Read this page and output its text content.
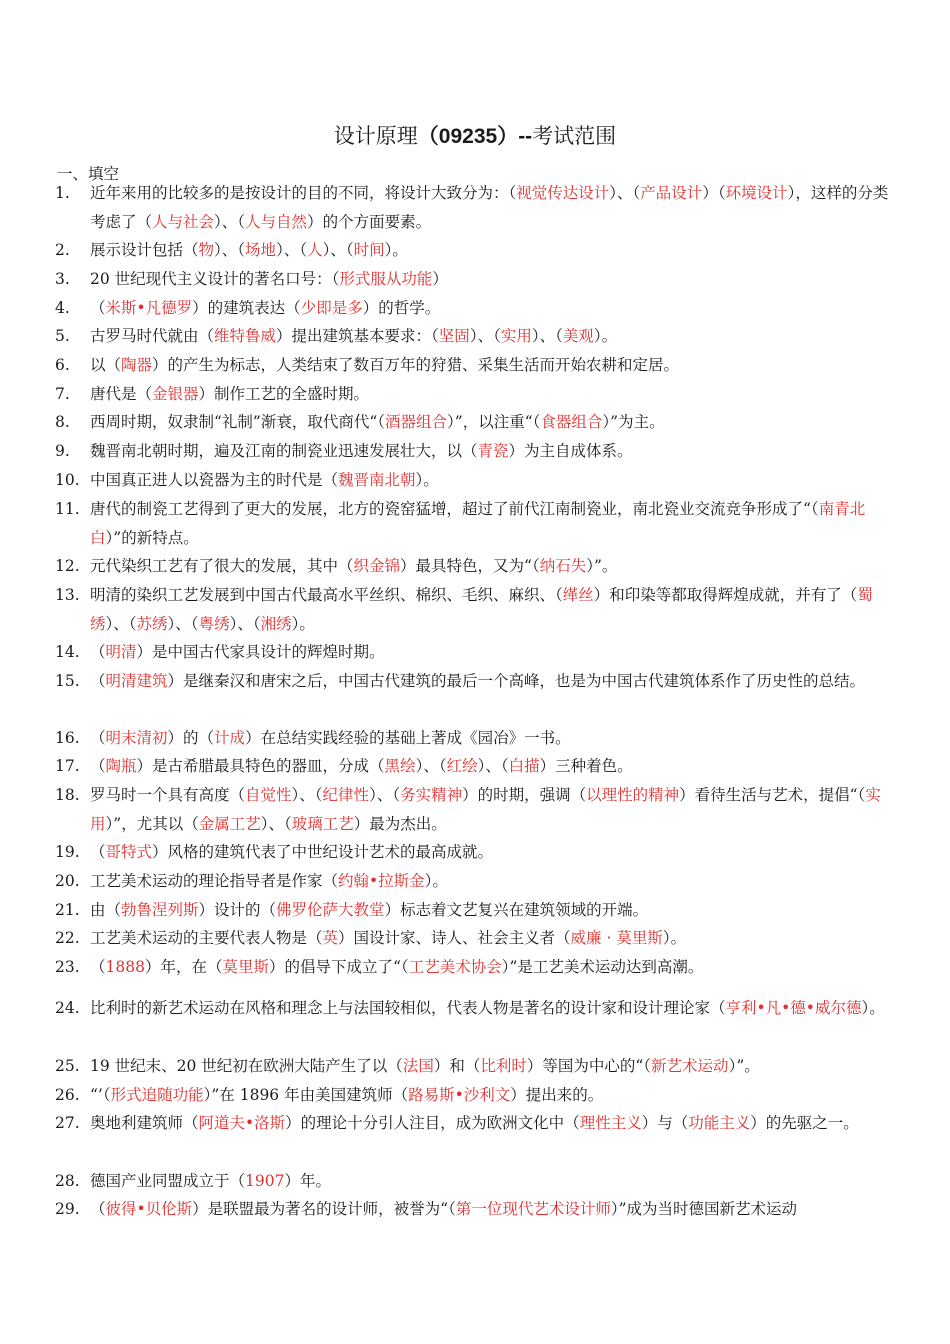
设计原理（09235）--考试范围
一、填空
1.	近年来用的比较多的是按设计的目的不同，将设计大致分为：（视觉传达设计）、（产品设计）（环境设计），这样的分类考虑了（人与社会）、（人与自然）的个方面要素。
2.	展示设计包括（物）、（场地）、（人）、（时间）。
3.	20 世纪现代主义设计的著名口号：（形式服从功能）
4.	（米斯•凡德罗）的建筑表达（少即是多）的哲学。
5.	古罗马时代就由（维特鲁威）提出建筑基本要求：（坚固）、（实用）、（美观）。
6.	以（陶器）的产生为标志，人类结束了数百万年的狩猎、采集生活而开始农耕和定居。
7.	唐代是（金银器）制作工艺的全盛时期。
8.	西周时期，奴隶制“礼制”渐衰，取代商代“（酒器组合）”，以注重“（食器组合）”为主。
9.	魏晋南北朝时期，遍及江南的制瓷业迅速发展壮大，以（青瓷）为主自成体系。
10. 中国真正进人以瓷器为主的时代是（魏晋南北朝）。
11. 唐代的制瓷工艺得到了更大的发展，北方的瓷窑猛增，超过了前代江南制瓷业，南北瓷业交流竞争形成了“（南青北白）”的新特点。
12. 元代染织工艺有了很大的发展，其中（织金锦）最具特色，又为“（纳石失）”。
13. 明清的染织工艺发展到中国古代最高水平丝织、棉织、毛织、麻织、（缂丝）和印染等都取得辉煌成就，并有了（蜀绣）、（苏绣）、（粤绣）、（湘绣）。
14. （明清）是中国古代家具设计的辉煌时期。
15. （明清建筑）是继秦汉和唐宋之后，中国古代建筑的最后一个高峰，也是为中国古代建筑体系作了历史性的总结。
16. （明末清初）的（计成）在总结实践经验的基础上著成《园冶》一书。
17. （陶瓶）是古希腊最具特色的器皿，分成（黑绘）、（红绘）、（白描）三种着色。
18. 罗马时一个具有高度（自觉性）、（纪律性）、（务实精神）的时期，强调（以理性的精神）看待生活与艺术，提倡“（实用）”，尤其以（金属工艺）、（玻璃工艺）最为杰出。
19. （哥特式）风格的建筑代表了中世纪设计艺术的最高成就。
20. 工艺美术运动的理论指导者是作家（约翰•拉斯金）。
21. 由（勃鲁涅列斯）设计的（佛罗伦萨大教堂）标志着文艺复兴在建筑领域的开端。
22. 工艺美术运动的主要代表人物是（英）国设计家、诗人、社会主义者（威廉 · 莫里斯）。
23. （1888）年，在（莫里斯）的倡导下成立了“（工艺美术协会）”是工艺美术运动达到高潮。
24. 比利时的新艺术运动在风格和理念上与法国较相似，代表人物是著名的设计家和设计理论家（亨利•凡•德•威尔德）。
25. 19 世纪末、20 世纪初在欧洲大陆产生了以（法国）和（比利时）等国为中心的“（新艺术运动）”。
26. “’（形式追随功能）”在 1896 年由美国建筑师（路易斯•沙利文）提出来的。
27. 奥地利建筑师（阿道夫•洛斯）的理论十分引人注目，成为欧洲文化中（理性主义）与（功能主义）的先驱之一。
28. 德国产业同盟成立于（1907）年。
29. （彼得•贝伦斯）是联盟最为著名的设计师，被誉为“（第一位现代艺术设计师）”成为当时德国新艺术运动
